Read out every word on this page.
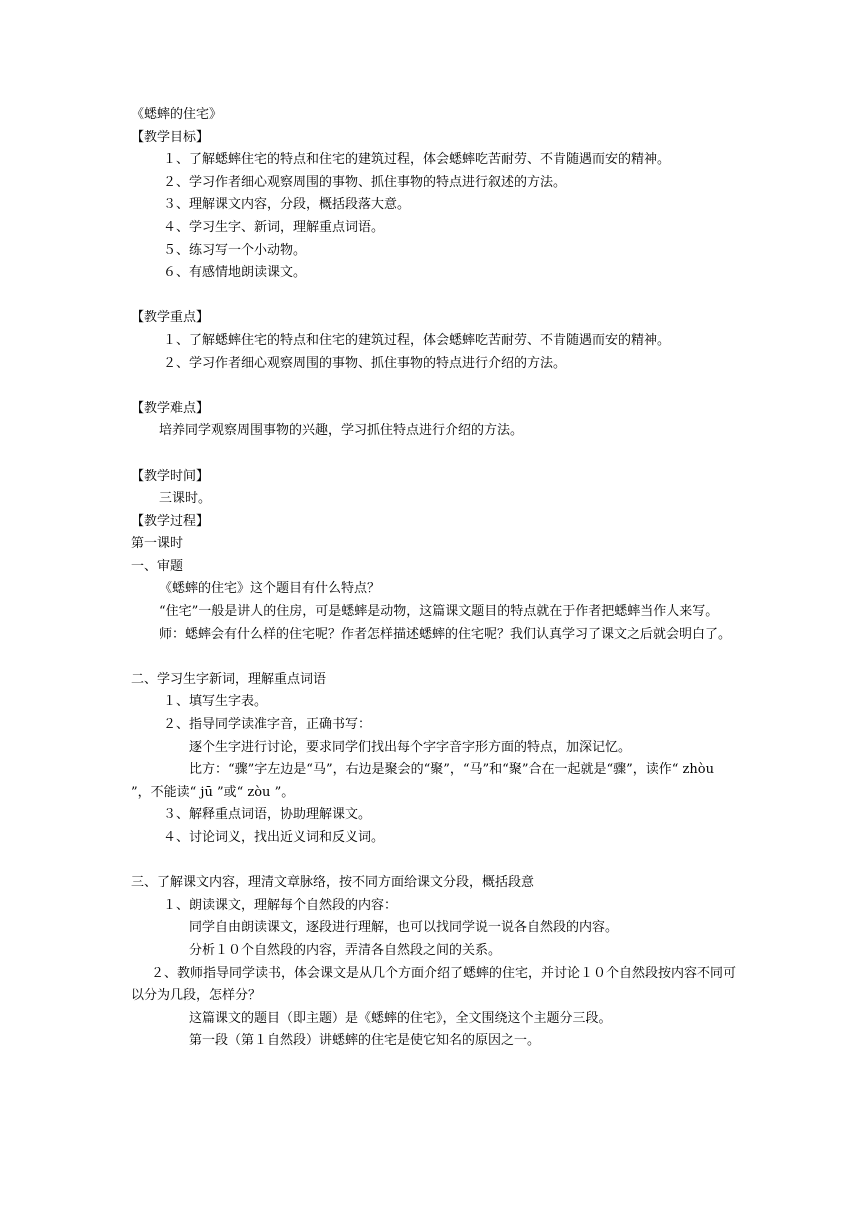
《蟋蟀的住宅》
【教学目标】
１、了解蟋蟀住宅的特点和住宅的建筑过程，体会蟋蟀吃苦耐劳、不肯随遇而安的精神。
２、学习作者细心观察周围的事物、抓住事物的特点进行叙述的方法。
３、理解课文内容，分段，概括段落大意。
４、学习生字、新词，理解重点词语。
５、练习写一个小动物。
６、有感情地朗读课文。
【教学重点】
１、了解蟋蟀住宅的特点和住宅的建筑过程，体会蟋蟀吃苦耐劳、不肯随遇而安的精神。
２、学习作者细心观察周围的事物、抓住事物的特点进行介绍的方法。
【教学难点】
培养同学观察周围事物的兴趣，学习抓住特点进行介绍的方法。
【教学时间】
三课时。
【教学过程】
第一课时
一、审题
《蟋蟀的住宅》这个题目有什么特点？
“住宅”一般是讲人的住房，可是蟋蟀是动物，这篇课文题目的特点就在于作者把蟋蟀当作人来写。
师：蟋蟀会有什么样的住宅呢？作者怎样描述蟋蟀的住宅呢？我们认真学习了课文之后就会明白了。
二、学习生字新词，理解重点词语
１、填写生字表。
２、指导同学读准字音，正确书写：
逐个生字进行讨论，要求同学们找出每个字字音字形方面的特点，加深记忆。
比方：“骤”字左边是“马”，右边是聚会的“聚”，“马”和“聚”合在一起就是“骤”，读作“ zhòu ”，不能读“ jū ”或“ zòu ”。
３、解释重点词语，协助理解课文。
４、讨论词义，找出近义词和反义词。
三、了解课文内容，理清文章脉络，按不同方面给课文分段，概括段意
１、朗读课文，理解每个自然段的内容：
同学自由朗读课文，逐段进行理解，也可以找同学说一说各自然段的内容。
分析１０个自然段的内容，弄清各自然段之间的关系。
２、教师指导同学读书，体会课文是从几个方面介绍了蟋蟀的住宅，并讨论１０个自然段按内容不同可以分为几段，怎样分？
这篇课文的题目（即主题）是《蟋蟀的住宅》，全文围绕这个主题分三段。
第一段（第１自然段）讲蟋蟀的住宅是使它知名的原因之一。
